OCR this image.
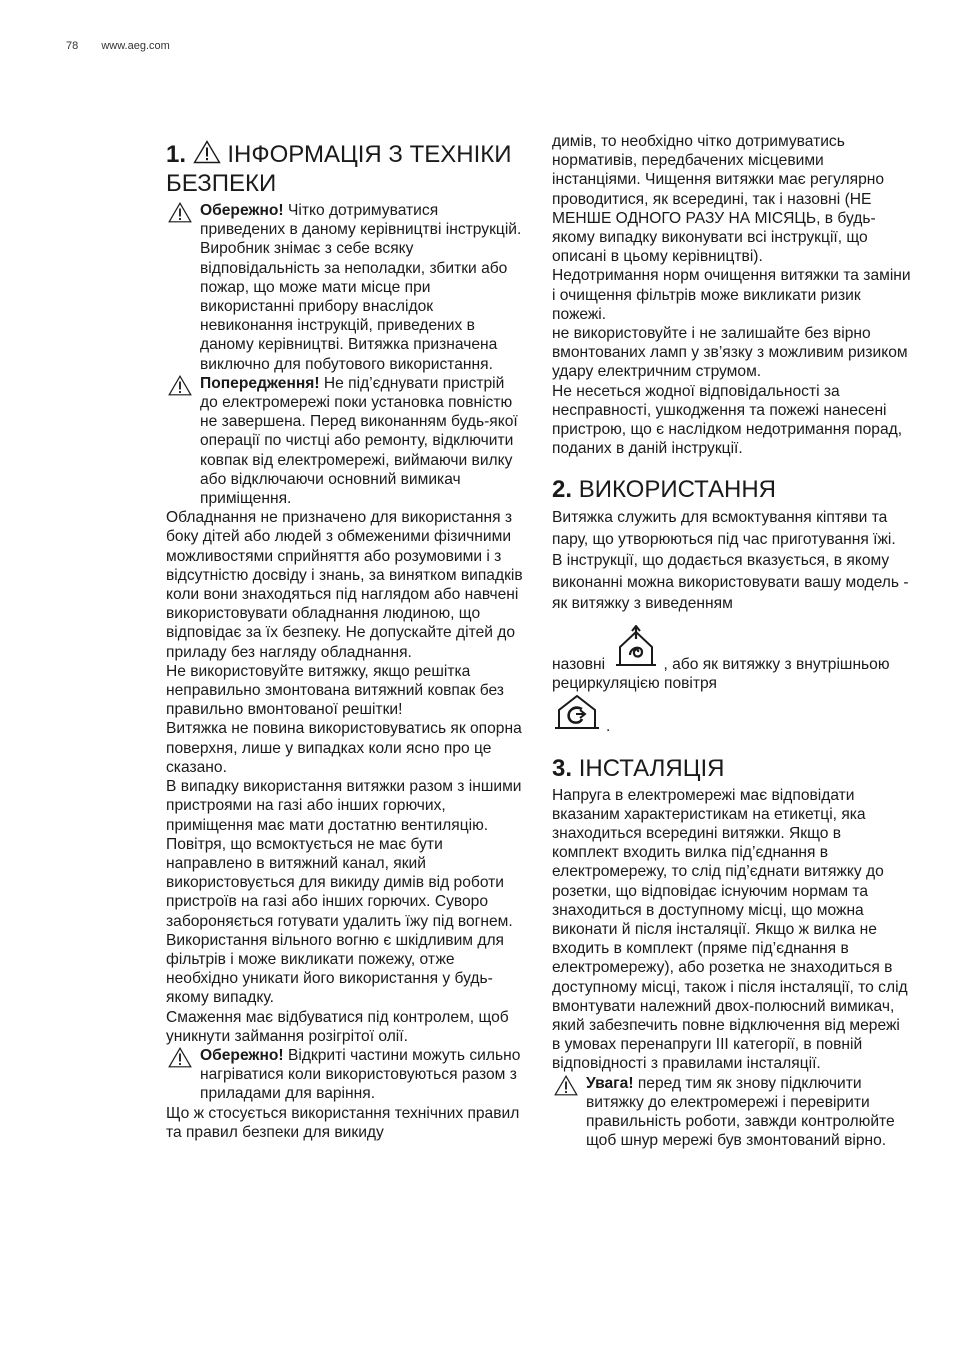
78 www.aeg.com
1. ІНФОРМАЦІЯ З ТЕХНІКИ БЕЗПЕКИ

Обережно! Чітко дотримуватися приведених в даному керівництві інструкцій. Виробник знімає з себе всяку відповідальність за неполадки, збитки або пожар, що може мати місце при використанні прибору внаслідок невиконання інструкцій, приведених в даному керівництві. Витяжка призначена виключно для побутового використання.

Попередження! Не під’єднувати пристрій до електромережі поки установка повністю не завершена. Перед виконанням будь-якої операції по чистці або ремонту, відключити ковпак від електромережі, виймаючи вилку або відключаючи основний вимикач приміщення.

Обладнання не призначено для використання з боку дітей або людей з обмеженими фізичними можливостями сприйняття або розумовими і з відсутністю досвіду і знань, за винятком випадків коли вони знаходяться під наглядом або навчені використовувати обладнання людиною, що відповідає за їх безпеку. Не допускайте дітей до приладу без нагляду обладнання.

Не використовуйте витяжку, якщо решітка неправильно змонтована витяжний ковпак без правильно вмонтованої решітки!

Витяжка не повина використовуватись як опорна поверхня, лише у випадках коли ясно про це сказано.

В випадку використання витяжки разом з іншими пристроями на газі або інших горючих, приміщення має мати достатню вентиляцію. Повітря, що всмоктується не має бути направлено в витяжний канал, який використовується для викиду димів від роботи пристроїв на газі або інших горючих. Суворо забороняється готувати удалить їжу під вогнем.

Використання вільного вогню є шкідливим для фільтрів і може викликати пожежу, отже необхідно уникати його використання у будь-якому випадку.

Смаження має відбуватися під контролем, щоб уникнути займання розігрітої олії.

Обережно! Відкриті частини можуть сильно нагріватися коли використовуються разом з приладами для варіння.

Що ж стосується використання технічних правил та правил безпеки для викиду

димів, то необхідно чітко дотримуватись нормативів, передбачених місцевими інстанціями. Чищення витяжки має регулярно проводитися, як всередині, так і назовні (НЕ МЕНШЕ ОДНОГО РАЗУ НА МІСЯЦЬ, в будь-якому випадку виконувати всі інструкції, що описані в цьому керівництві).

Недотримання норм очищення витяжки та заміни і очищення фільтрів може викликати ризик пожежі.

не використовуйте і не залишайте без вірно вмонтованих ламп у зв’язку з можливим ризиком удару електричним струмом.

Не несеться жодної відповідальності за несправності, ушкодження та пожежі нанесені пристрою, що є наслідком недотримання порад, поданих в даній інструкції.

2. ВИКОРИСТАННЯ

Витяжка служить для всмоктування кіптяви та пару, що утворюються під час приготування їжі.

В інструкції, що додається вказується, в якому виконанні можна використовувати вашу модель - як витяжку з виведенням

назовні	, або як витяжку з внутрішньою рециркуляцією повітря

.

3. ІНСТАЛЯЦІЯ

Напруга в електромережі має відповідати вказаним характеристикам на етикетці, яка знаходиться всередині витяжки. Якщо в комплект входить вилка під’єднання в електромережу, то слід під’єднати витяжку до розетки, що відповідає існуючим нормам та знаходиться в доступному місці, що можна виконати й після інсталяції. Якщо ж вилка не входить в комплект (пряме під’єднання в електромережу), або розетка не знаходиться в доступному місці, також і після інсталяції, то слід вмонтувати належний двох-полюсний вимикач, який забезпечить повне відключення від мережі в умовах перенапруги ІІІ категорії, в повній відповідності з правилами інсталяції.

Увага! перед тим як знову підключити витяжку до електромережі і перевірити правильність роботи, завжди контролюйте щоб шнур мережі був змонтований вірно.
